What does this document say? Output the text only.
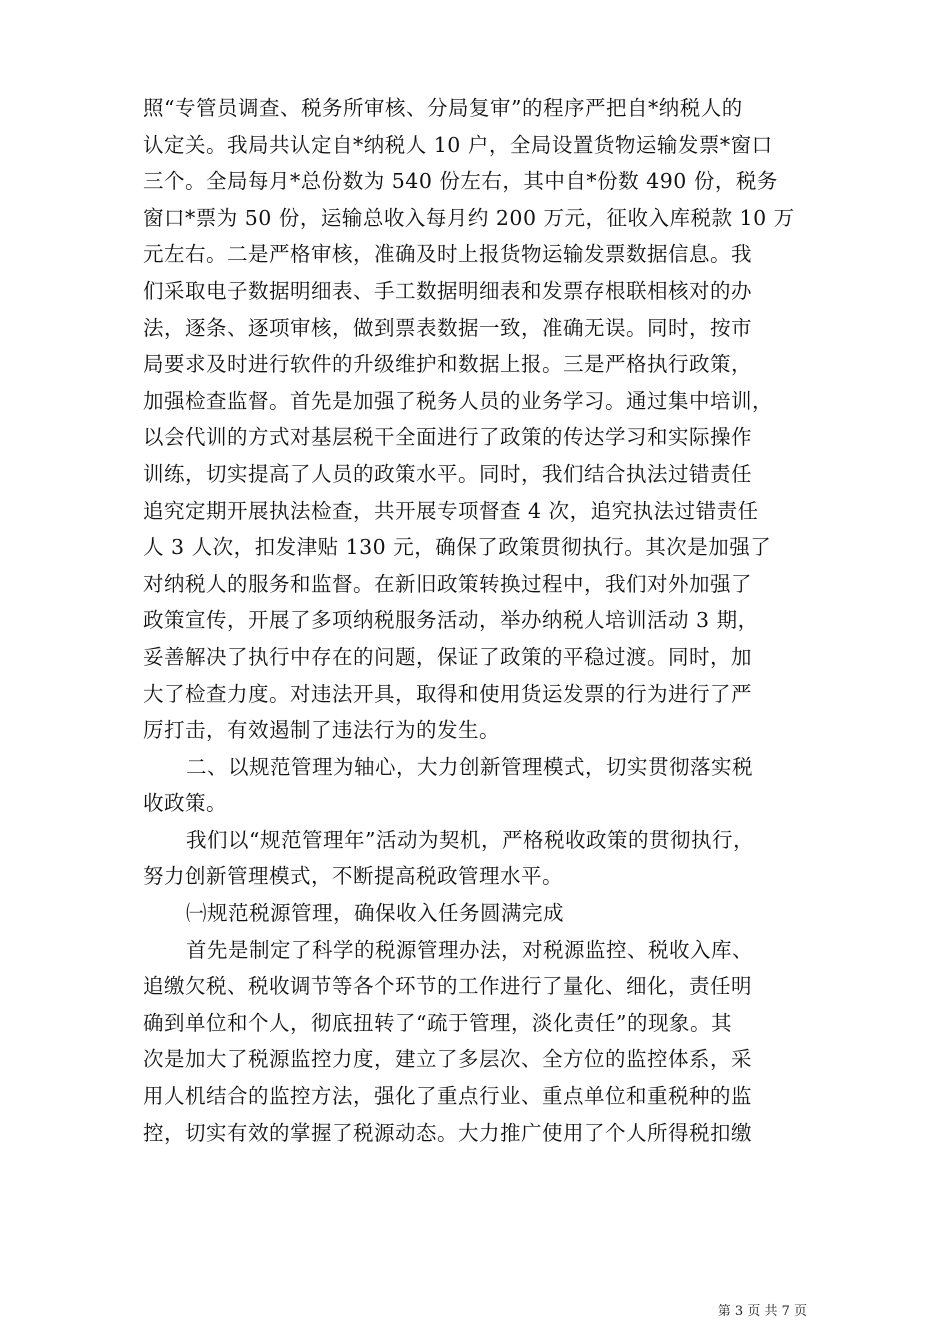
照“专管员调查、税务所审核、分局复审”的程序严把自*纳税人的
认定关。我局共认定自*纳税人 10 户，全局设置货物运输发票*窗口
三个。全局每月*总份数为 540 份左右，其中自*份数 490 份，税务
窗口*票为 50 份，运输总收入每月约 200 万元，征收入库税款 10 万
元左右。二是严格审核，准确及时上报货物运输发票数据信息。我
们采取电子数据明细表、手工数据明细表和发票存根联相核对的办
法，逐条、逐项审核，做到票表数据一致，准确无误。同时，按市
局要求及时进行软件的升级维护和数据上报。三是严格执行政策，
加强检查监督。首先是加强了税务人员的业务学习。通过集中培训，
以会代训的方式对基层税干全面进行了政策的传达学习和实际操作
训练，切实提高了人员的政策水平。同时，我们结合执法过错责任
追究定期开展执法检查，共开展专项督查 4 次，追究执法过错责任
人 3 人次，扣发津贴 130 元，确保了政策贯彻执行。其次是加强了
对纳税人的服务和监督。在新旧政策转换过程中，我们对外加强了
政策宣传，开展了多项纳税服务活动，举办纳税人培训活动 3 期，
妥善解决了执行中存在的问题，保证了政策的平稳过渡。同时，加
大了检查力度。对违法开具，取得和使用货运发票的行为进行了严
厉打击，有效遏制了违法行为的发生。
二、以规范管理为轴心，大力创新管理模式，切实贯彻落实税
收政策。
我们以“规范管理年”活动为契机，严格税收政策的贯彻执行，
努力创新管理模式，不断提高税政管理水平。
㈠规范税源管理，确保收入任务圆满完成
首先是制定了科学的税源管理办法，对税源监控、税收入库、
追缴欠税、税收调节等各个环节的工作进行了量化、细化，责任明
确到单位和个人，彻底扭转了“疏于管理，淡化责任”的现象。其
次是加大了税源监控力度，建立了多层次、全方位的监控体系，采
用人机结合的监控方法，强化了重点行业、重点单位和重税种的监
控，切实有效的掌握了税源动态。大力推广使用了个人所得税扣缴
第 3 页 共 7 页
